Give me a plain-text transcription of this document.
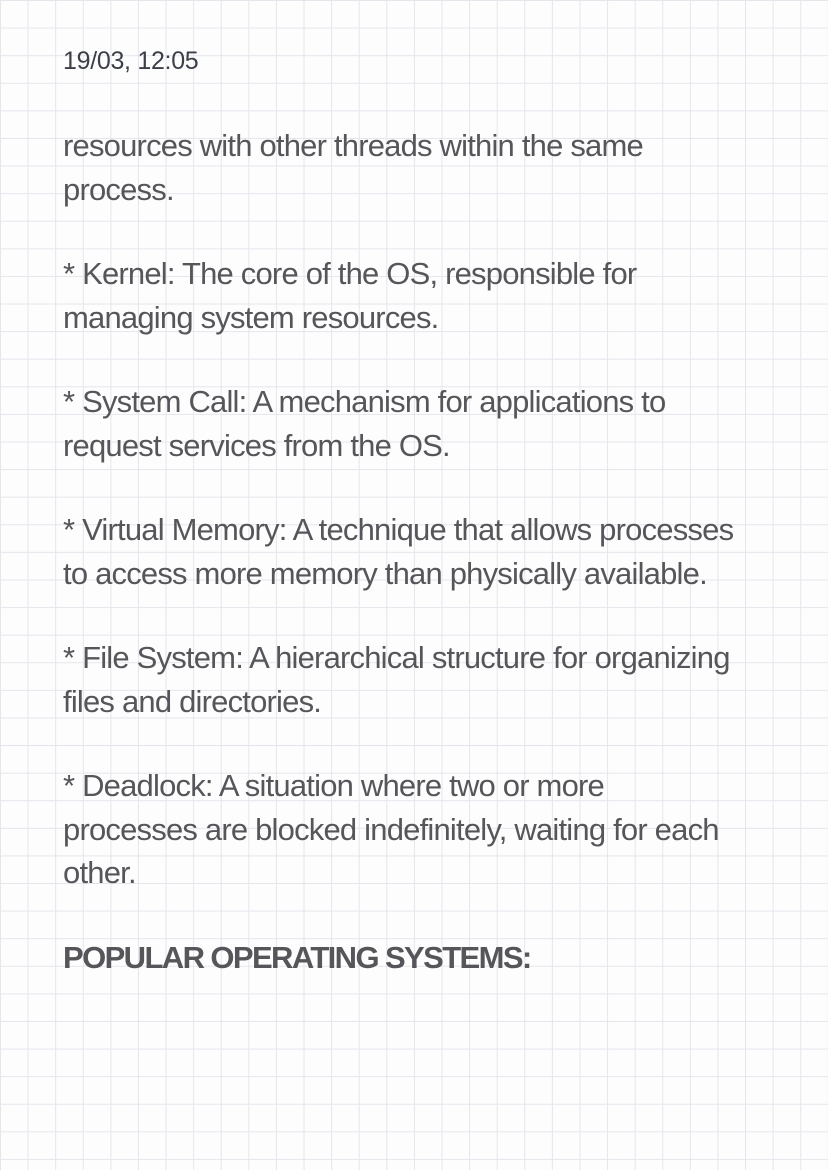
19/03, 12:05

resources with other threads within the same process.

* Kernel: The core of the OS, responsible for managing system resources.

* System Call: A mechanism for applications to request services from the OS.

* Virtual Memory: A technique that allows processes to access more memory than physically available.

* File System: A hierarchical structure for organizing files and directories.

* Deadlock: A situation where two or more processes are blocked indefinitely, waiting for each other.

POPULAR OPERATING SYSTEMS:
